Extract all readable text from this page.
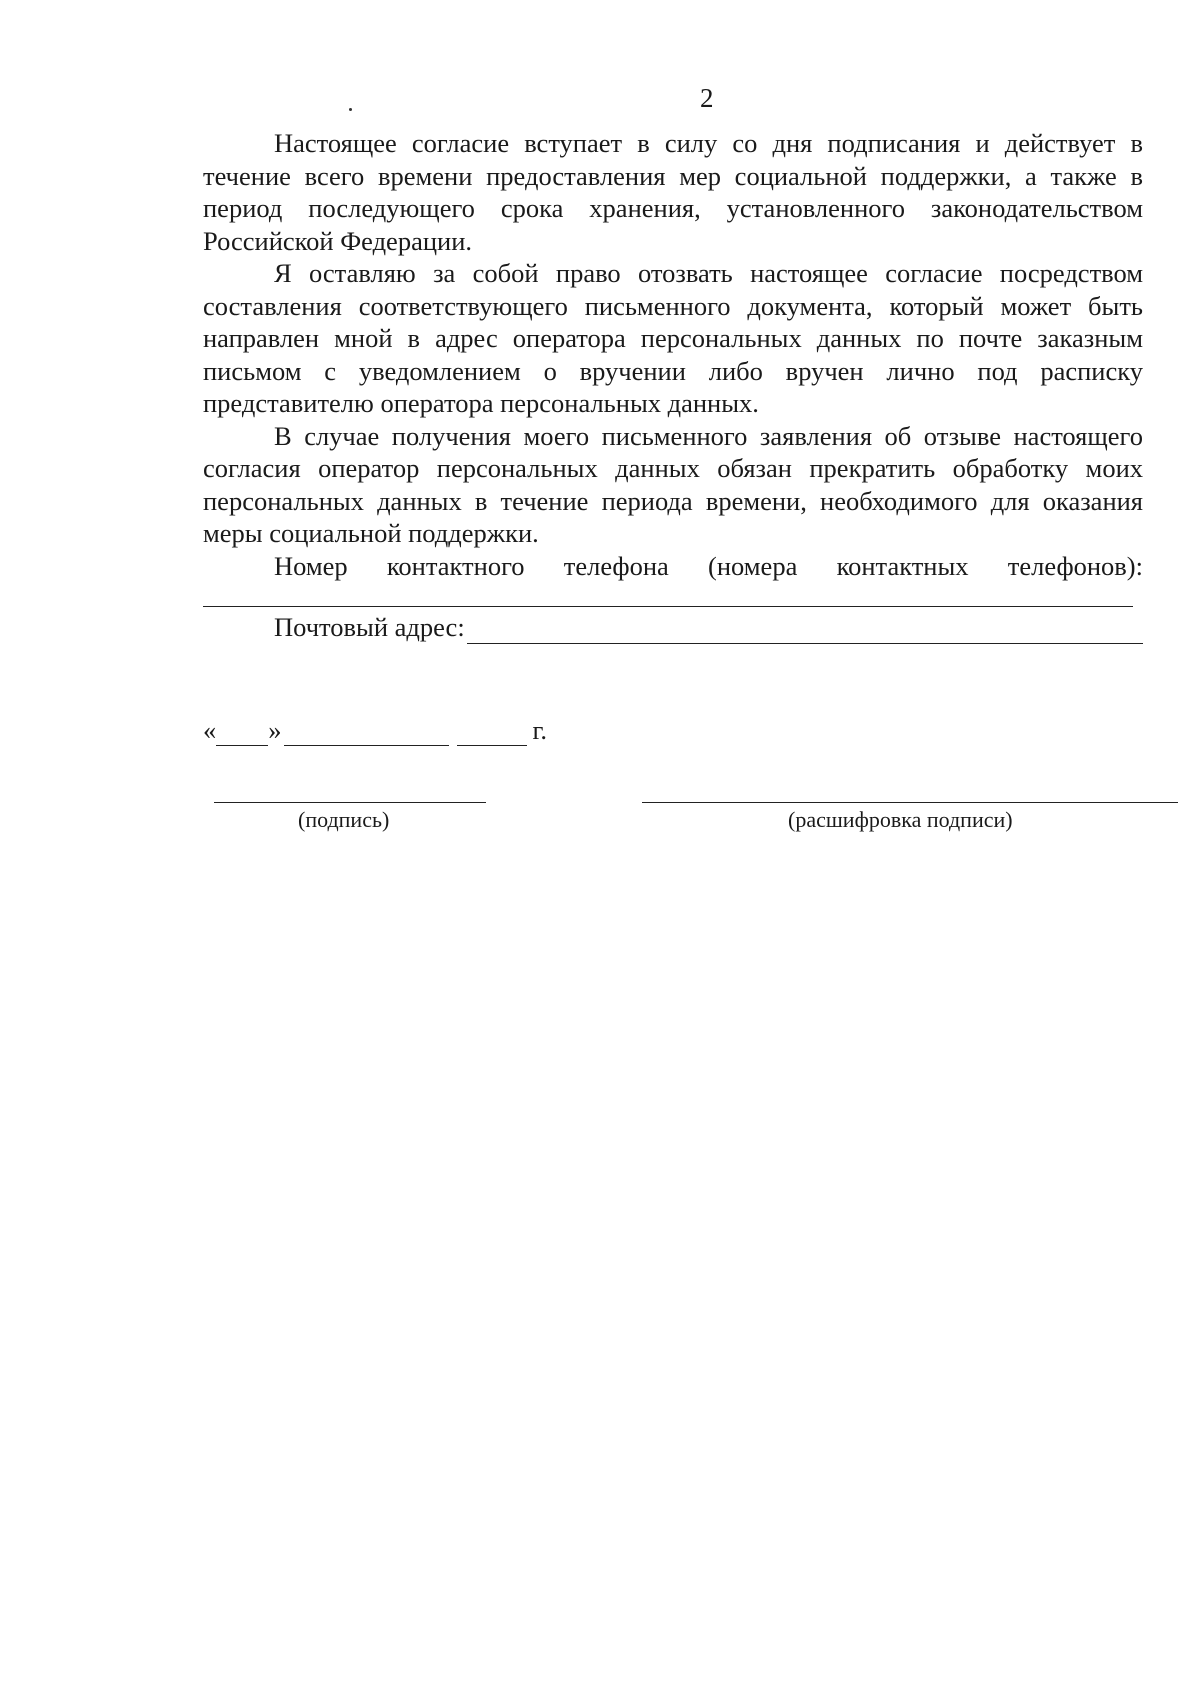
2

Настоящее согласие вступает в силу со дня подписания и действует в течение всего времени предоставления мер социальной поддержки, а также в период последующего срока хранения, установленного законодательством Российской Федерации.

Я оставляю за собой право отозвать настоящее согласие посредством составления соответствующего письменного документа, который может быть направлен мной в адрес оператора персональных данных по почте заказным письмом с уведомлением о вручении либо вручен лично под расписку представителю оператора персональных данных.

В случае получения моего письменного заявления об отзыве настоящего согласия оператор персональных данных обязан прекратить обработку моих персональных данных в течение периода времени, необходимого для оказания меры социальной поддержки.

Номер контактного телефона (номера контактных телефонов):

Почтовый адрес:
« »	г.
(подпись)	(расшифровка подписи)
